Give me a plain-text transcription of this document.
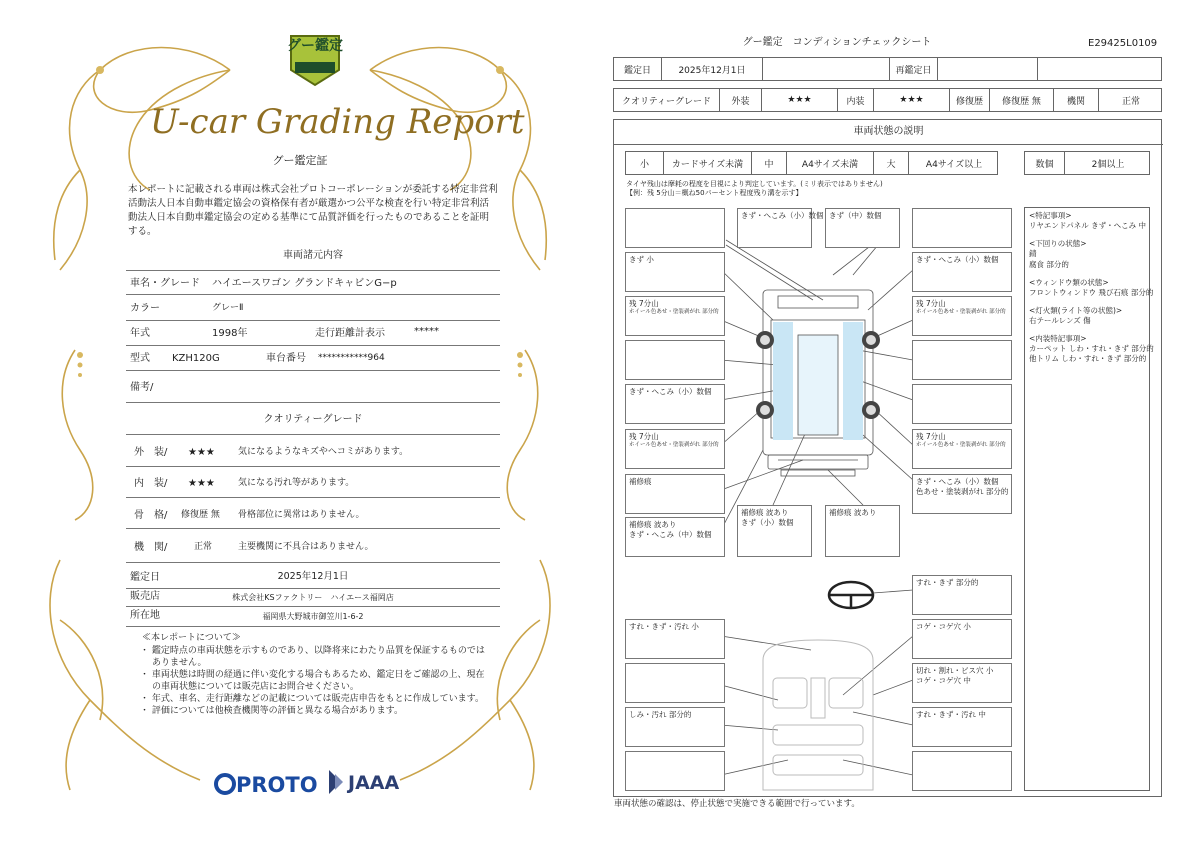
グー鑑定
U-car Grading Report
グー鑑定証
本レポートに記載される車両は株式会社プロトコーポレーションが委託する特定非営利活動法人日本自動車鑑定協会の資格保有者が厳選かつ公平な検査を行い特定非営利活動法人日本自動車鑑定協会の定める基準にて品質評価を行ったものであることを証明する。
車両諸元内容
車名・グレード ハイエースワゴン グランドキャビンG−p
カラー	グレーⅡ
年式	1998年	走行距離計表示	*****
型式 KZH120G	車台番号 ***********964
備考/
クオリティーグレード
外　装/ ★★★	気になるようなキズやヘコミがあります。
内　装/ ★★★	気になる汚れ等があります。
骨　格/ 修復歴 無 骨格部位に異常はありません。
機　関/	正常	主要機関に不具合はありません。
鑑定日	2025年12月1日
販売店	株式会社KSファクトリー　ハイエース福岡店
所在地	福岡県大野城市御笠川1-6-2
≪本レポートについて≫
・ 鑑定時点の車両状態を示すものであり、以降将来にわたり品質を保証するものではありません。
・ 車両状態は時間の経過に伴い変化する場合もあるため、鑑定日をご確認の上、現在の車両状態については販売店にお問合せください。
・ 年式、車名、走行距離などの記載については販売店申告をもとに作成しています。
・ 評価については他検査機関等の評価と異なる場合があります。
PROTO JAAA
グー鑑定　コンディションチェックシート	E29425L0109
鑑定日	2025年12月1日	再鑑定日
クオリティーグレード	外装	★★★	内装	★★★	修復歴	修復歴 無	機関	正常
車両状態の説明
小	カードサイズ未満	中	A4サイズ未満	大	A4サイズ以上	数個	2個以上
タイヤ残山は摩耗の程度を目視により判定しています。(ミリ表示ではありません)
【例：残 5分山＝概ね50パーセント程度残り溝を示す】
きず・へこみ（小）数個 きず（中）数個
きず 小	きず・へこみ（小）数個
残 7分山
ホイール色あせ・塗装剥がれ 部分的
残 7分山
ホイール色あせ・塗装剥がれ 部分的
きず・へこみ（小）数個
残 7分山
ホイール色あせ・塗装剥がれ 部分的
残 7分山
ホイール色あせ・塗装剥がれ 部分的
補修痕	きず・へこみ（小）数個
色あせ・塗装剥がれ 部分的
補修痕 波あり
きず・へこみ（中）数個
補修痕 波あり
きず（小）数個
補修痕 波あり
すれ・きず 部分的
すれ・きず・汚れ 小	コゲ・コゲ穴 小
切れ・割れ・ビス穴 小
コゲ・コゲ穴 中
しみ・汚れ 部分的	すれ・きず・汚れ 中
<特記事項>
リヤエンドパネル きず・へこみ 中
<下回りの状態>
錆
腐食 部分的
<ウィンドウ類の状態>
フロントウィンドウ 飛び石痕 部分的
<灯火類(ライト等の状態)>
右テールレンズ 傷
<内装特記事項>
カーペット しわ・すれ・きず 部分的
他トリム しわ・すれ・きず 部分的
車両状態の確認は、停止状態で実施できる範囲で行っています。
